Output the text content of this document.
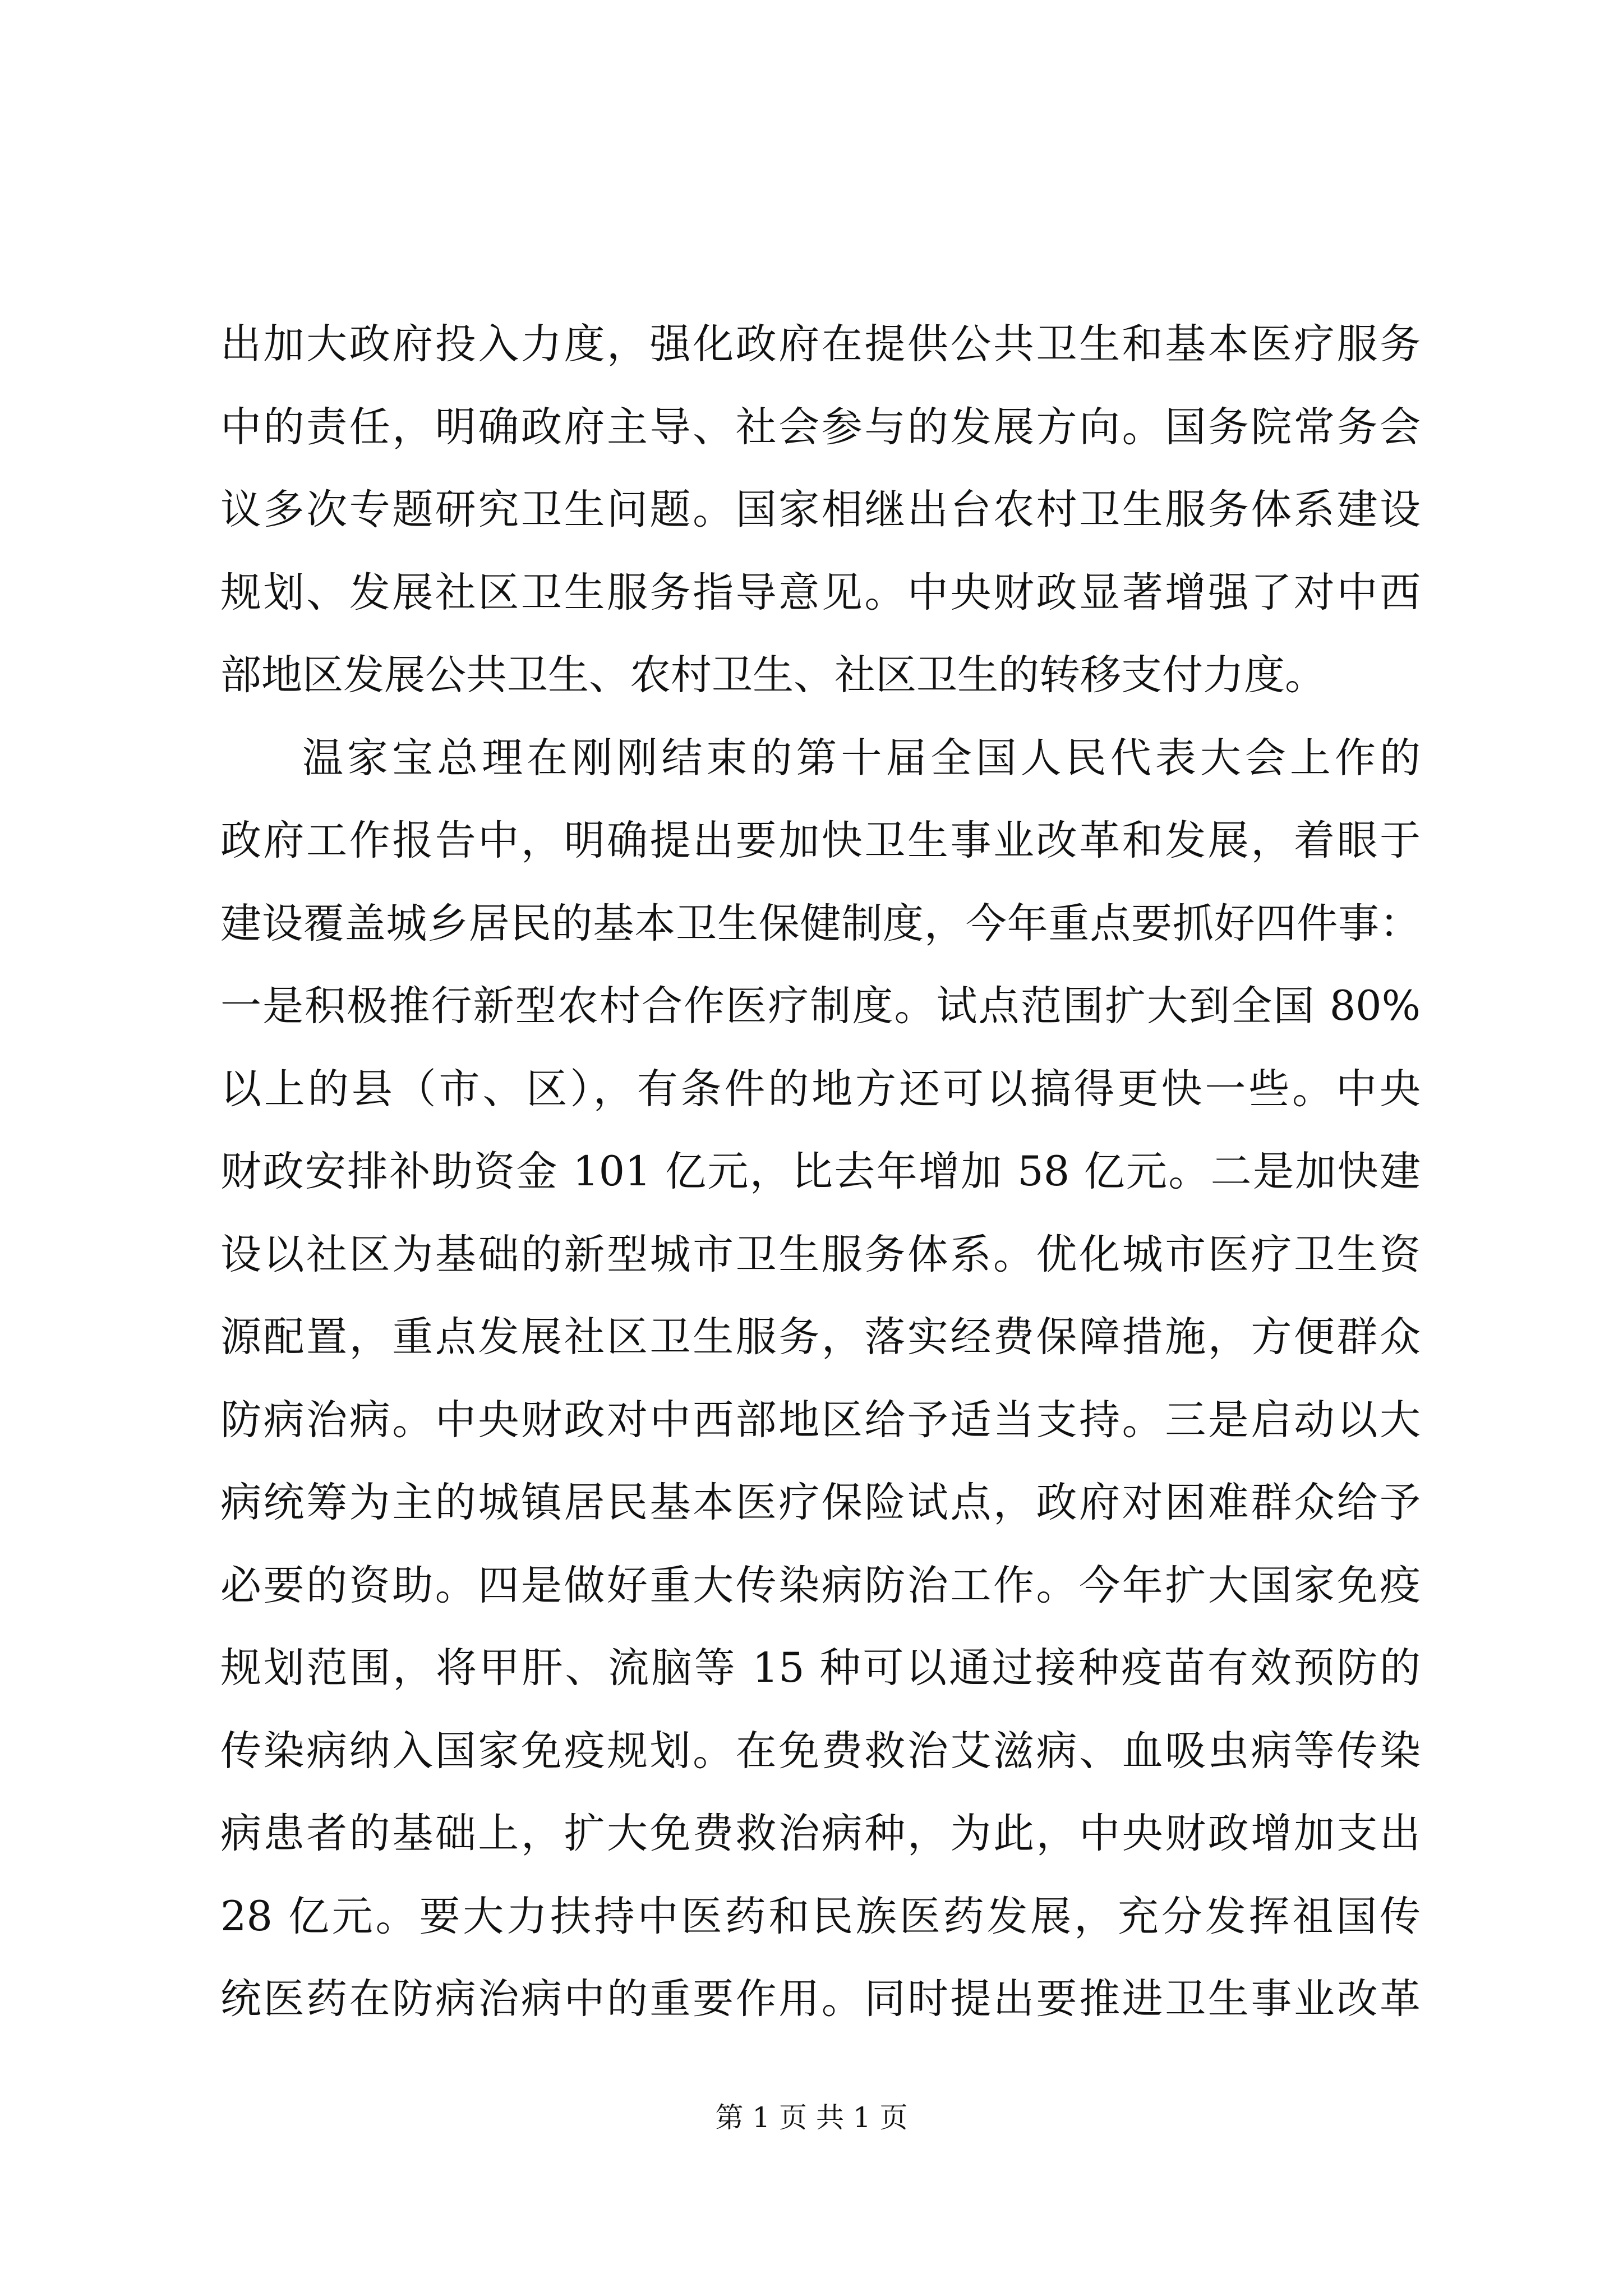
出加大政府投入力度，强化政府在提供公共卫生和基本医疗服务
中的责任，明确政府主导、社会参与的发展方向。国务院常务会
议多次专题研究卫生问题。国家相继出台农村卫生服务体系建设
规划、发展社区卫生服务指导意见。中央财政显著增强了对中西
部地区发展公共卫生、农村卫生、社区卫生的转移支付力度。
温家宝总理在刚刚结束的第十届全国人民代表大会上作的
政府工作报告中，明确提出要加快卫生事业改革和发展，着眼于
建设覆盖城乡居民的基本卫生保健制度，今年重点要抓好四件事：
一是积极推行新型农村合作医疗制度。试点范围扩大到全国 80%
以上的县（市、区），有条件的地方还可以搞得更快一些。中央
财政安排补助资金 101 亿元，比去年增加 58 亿元。二是加快建
设以社区为基础的新型城市卫生服务体系。优化城市医疗卫生资
源配置，重点发展社区卫生服务，落实经费保障措施，方便群众
防病治病。中央财政对中西部地区给予适当支持。三是启动以大
病统筹为主的城镇居民基本医疗保险试点，政府对困难群众给予
必要的资助。四是做好重大传染病防治工作。今年扩大国家免疫
规划范围，将甲肝、流脑等 15 种可以通过接种疫苗有效预防的
传染病纳入国家免疫规划。在免费救治艾滋病、血吸虫病等传染
病患者的基础上，扩大免费救治病种，为此，中央财政增加支出
28 亿元。要大力扶持中医药和民族医药发展，充分发挥祖国传
统医药在防病治病中的重要作用。同时提出要推进卫生事业改革
第 1 页 共 1 页
